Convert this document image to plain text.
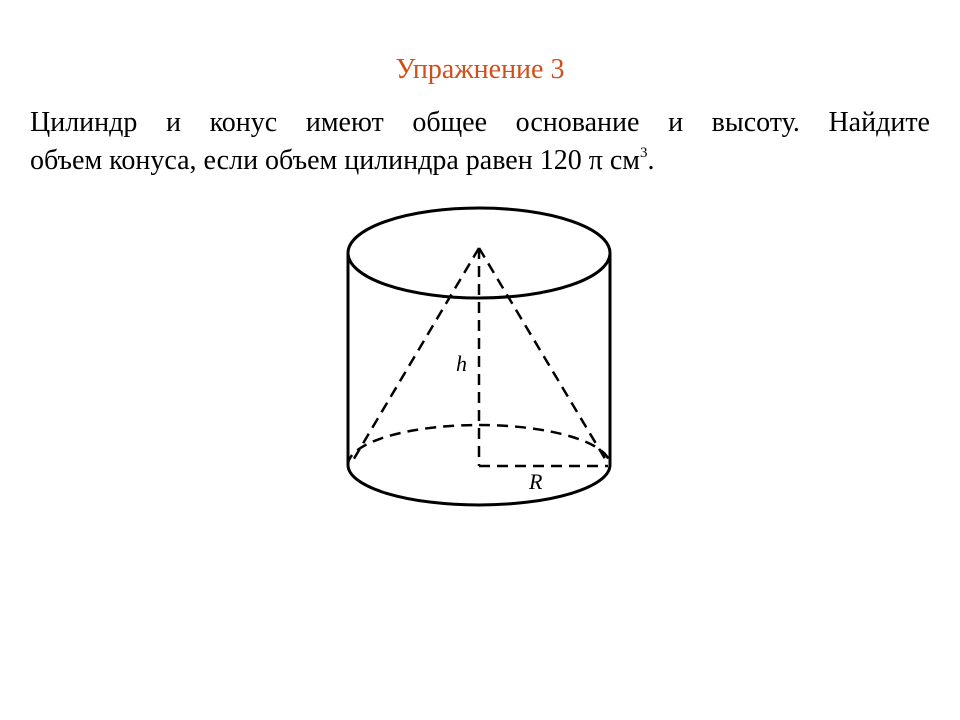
Упражнение 3
Цилиндр и конус имеют общее основание и высоту. Найдите
объем конуса, если объем цилиндра равен 120 π $см^3$.
h
R
